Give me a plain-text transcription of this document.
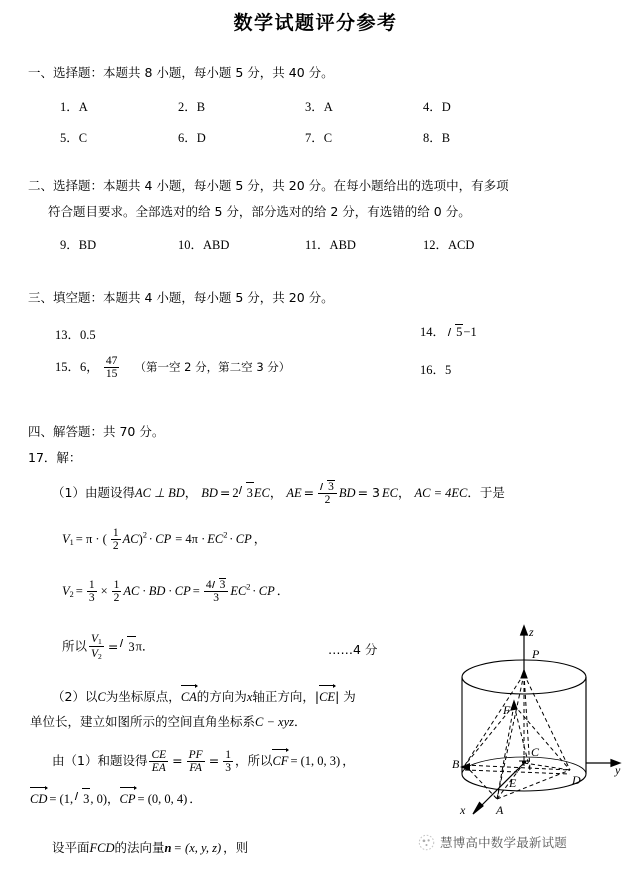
数学试题评分参考
一、选择题：本题共 8 小题，每小题 5 分，共 40 分。
1．A	2．B	3．A	4．D
5．C	6．D	7．C	8．B
二、选择题：本题共 4 小题，每小题 5 分，共 20 分。在每小题给出的选项中，有多项
符合题目要求。全部选对的给 5 分，部分选对的给 2 分，有选错的给 0 分。
9．BD	10．ABD	11．ABD	12．ACD
三、填空题：本题共 4 小题，每小题 5 分，共 20 分。
13．0.5	14． 5−1
15．6， $\frac{47}{15}$ （第一空 2 分，第二空 3 分）	16．5
四、解答题：共 70 分。
17．解：
（1）由题设得AC ⊥ BD， BD = 2 3EC， AE = $\frac{3}{2}$ BD = 3 EC， AC = 4EC．于是
$V_1 = \pi$ · ( $\frac{1}{2} AC)^2$ · CP = $4\pi \cdot EC^2$ · CP ，
$V_2 = \frac{1}{3} \times \frac{1}{2}$ AC · BD · CP = $\frac{4 3}{3} EC^2$ · CP ．
所以 $\frac{V_1}{V_2} = 3\pi$．	……4 分
（2）以C为坐标原点，CA的方向为x轴正方向，|CE| 为
单位长，建立如图所示的空间直角坐标系C − xyz．
由（1）和题设得 $\frac{CE}{EA} = \frac{PF}{FA} = \frac{1}{3}$ ，所以CF = (1, 0, 3) ，
CD = (1, 3, 0)，CP = (0, 0, 4) ．
设平面FCD的法向量n = (x, y, z) ，则
z
P
F
C
B
E	D
A
x
y
慧博高中数学最新试题
